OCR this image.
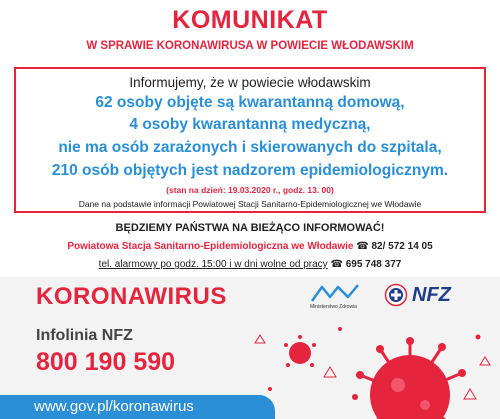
KOMUNIKAT
W SPRAWIE KORONAWIRUSA W POWIECIE WŁODAWSKIM
Informujemy, że w powiecie włodawskim
62 osoby objęte są kwarantanną domową,
4 osoby kwarantanną medyczną,
nie ma osób zarażonych i skierowanych do szpitala,
210 osób objętych jest nadzorem epidemiologicznym.
(stan na dzień: 19.03.2020 r., godz. 13. 00)
Dane na podstawie informacji Powiatowej Stacji Sanitarno-Epidemiologicznej we Włodawie
BĘDZIEMY PAŃSTWA NA BIEŻĄCO INFORMOWAĆ!
Powiatowa Stacja Sanitarno-Epidemiologiczna we Włodawie ☎ 82/ 572 14 05
tel. alarmowy po godz. 15:00 i w dni wolne od pracy ☎ 695 748 377
KORONAWIRUS	Ministerstwo Zdrowia
NFZ
Infolinia NFZ
800 190 590
www.gov.pl/koronawirus
